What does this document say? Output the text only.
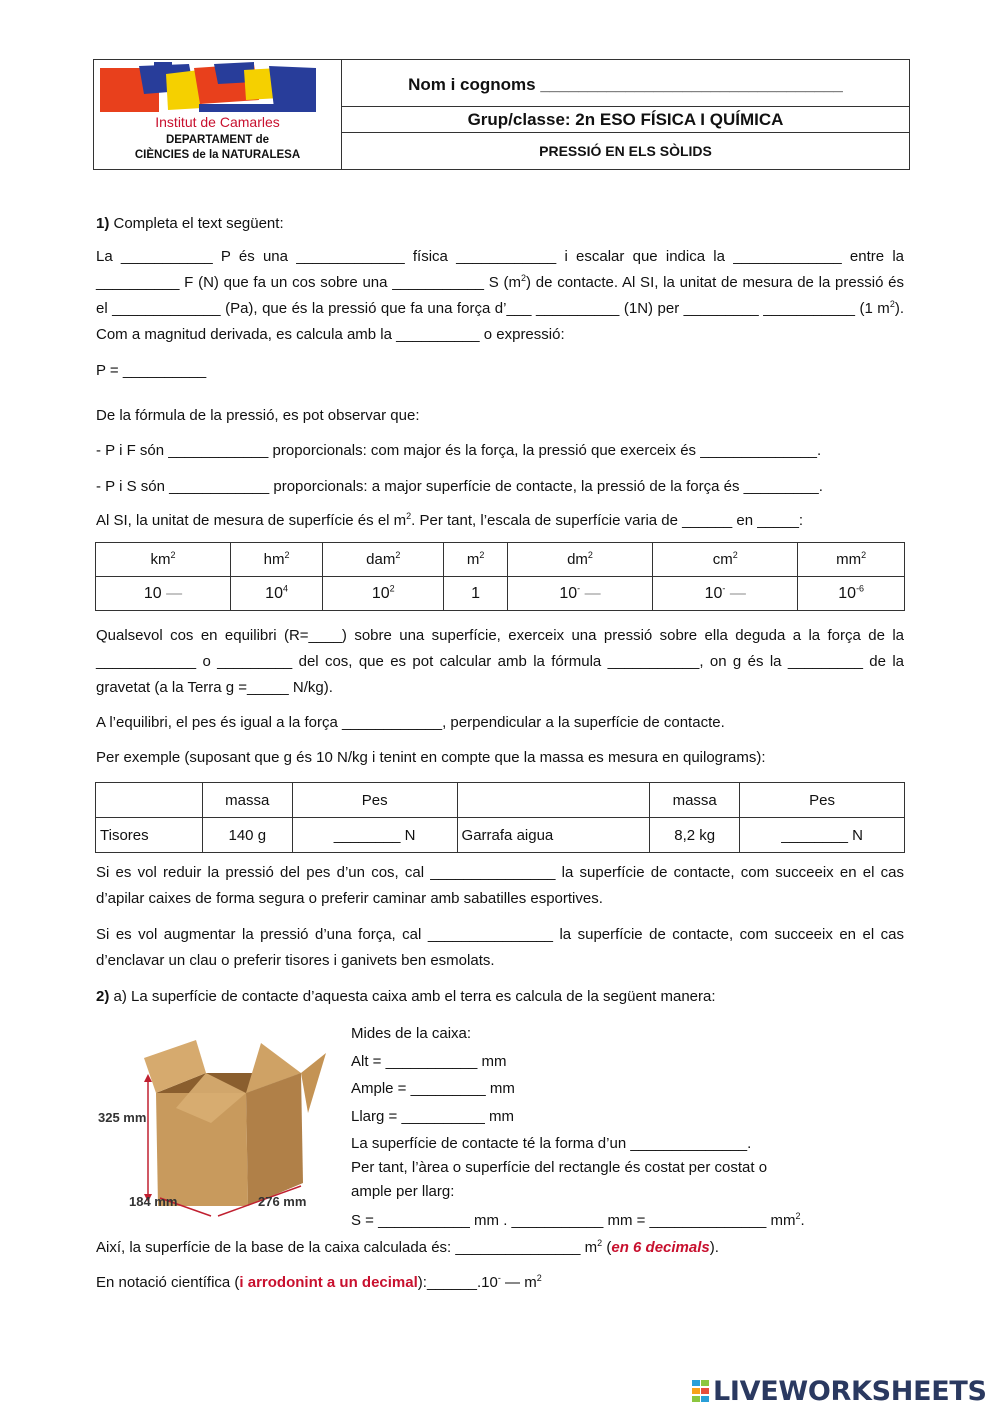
Institut de Camarles
DEPARTAMENT de
CIÈNCIES de la NATURALESA
Nom i cognoms ________________________________
Grup/classe: 2n ESO FÍSICA I QUÍMICA
PRESSIÓ EN ELS SÒLIDS
1) Completa el text següent:
La ___________ P és una _____________ física ____________ i escalar que indica la _____________ entre la __________ F (N) que fa un cos sobre una ___________ S $(m^2)$ de contacte. Al SI, la unitat de mesura de la pressió és el _____________ (Pa), que és la pressió que fa una força d’___ __________ (1N) per _________ ___________ (1 $m^2$). Com a magnitud derivada, es calcula amb la __________ o expressió:
P = __________
De la fórmula de la pressió, es pot observar que:
- P i F són ____________ proporcionals: com major és la força, la pressió que exerceix és ______________.
- P i S són ____________ proporcionals: a major superfície de contacte, la pressió de la força és _________.
Al SI, la unitat de mesura de superfície és el $m^2$. Per tant, l’escala de superfície varia de ______ en _____:
$km^2$	$hm^2$	dam$^2$	$m^2$	$dm^2$	$cm^2$	$mm^2$
10 —	$10^4$	$10^2$	1	10- —	10- —	$10^{-6}$
Qualsevol cos en equilibri (R=____) sobre una superfície, exerceix una pressió sobre ella deguda a la força de la ____________ o _________ del cos, que es pot calcular amb la fórmula ___________, on g és la _________ de la gravetat (a la Terra g =_____ N/kg).
A l’equilibri, el pes és igual a la força ____________, perpendicular a la superfície de contacte.
Per exemple (suposant que g és 10 N/kg i tenint en compte que la massa es mesura en quilograms):
	massa	Pes		massa	Pes
Tisores	140 g	________ N	Garrafa aigua	8,2 kg	________ N
Si es vol reduir la pressió del pes d’un cos, cal _______________ la superfície de contacte, com succeeix en el cas d’apilar caixes de forma segura o preferir caminar amb sabatilles esportives.
Si es vol augmentar la pressió d’una força, cal _______________ la superfície de contacte, com succeeix en el cas d’enclavar un clau o preferir tisores i ganivets ben esmolats.
2) a) La superfície de contacte d’aquesta caixa amb el terra es calcula de la següent manera:
325 mm
184 mm	276 mm
Mides de la caixa:
Alt = ___________ mm
Ample = _________ mm
Llarg = __________ mm
La superfície de contacte té la forma d’un ______________.
Per tant, l’àrea o superfície del rectangle és costat per costat o
ample per llarg:
S = ___________ mm . ___________ mm = ______________ $mm^2$.
Així, la superfície de la base de la caixa calculada és: _______________ $m^2$ (en 6 decimals).
En notació científica (i arrodonint a un decimal):______.10- — $m^2$
LIVEWORKSHEETS
